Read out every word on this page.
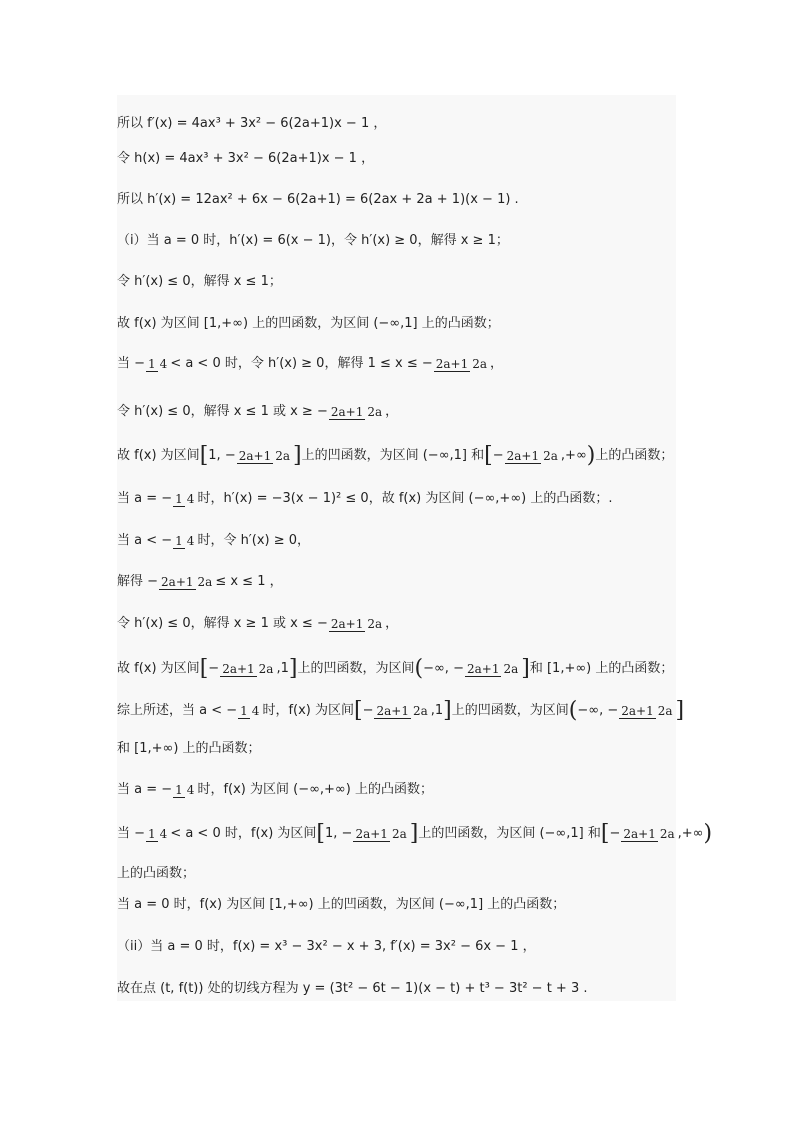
所以 f′(x) = 4ax³ + 3x² − 6(2a+1)x − 1 ，
令 h(x) = 4ax³ + 3x² − 6(2a+1)x − 1 ，
所以 h′(x) = 12ax² + 6x − 6(2a+1) = 6(2ax + 2a + 1)(x − 1) .
（i）当 a = 0 时，h′(x) = 6(x − 1)，令 h′(x) ≥ 0，解得 x ≥ 1；
令 h′(x) ≤ 0，解得 x ≤ 1；
故 f(x) 为区间 [1,+∞) 上的凹函数，为区间 (−∞,1] 上的凸函数；
当 − 1 4 < a < 0 时，令 h′(x) ≥ 0，解得 1 ≤ x ≤ − 2a+1 2a ，
令 h′(x) ≤ 0，解得 x ≤ 1 或 x ≥ − 2a+1 2a ，
故 f(x) 为区间 [ 1, − 2a+1 2a ] 上的凹函数，为区间 (−∞,1] 和 [ − 2a+1 2a ,+∞ ) 上的凸函数；
当 a = − 1 4 时，h′(x) = −3(x − 1)² ≤ 0，故 f(x) 为区间 (−∞,+∞) 上的凸函数；.
当 a < − 1 4 时，令 h′(x) ≥ 0，
解得 − 2a+1 2a ≤ x ≤ 1 ，
令 h′(x) ≤ 0，解得 x ≥ 1 或 x ≤ − 2a+1 2a ，
故 f(x) 为区间 [ − 2a+1 2a ,1 ] 上的凹函数，为区间 ( −∞, − 2a+1 2a ] 和 [1,+∞) 上的凸函数；
综上所述，当 a < − 1 4 时，f(x) 为区间 [ − 2a+1 2a ,1 ] 上的凹函数，为区间 ( −∞, − 2a+1 2a ]
和 [1,+∞) 上的凸函数；
当 a = − 1 4 时，f(x) 为区间 (−∞,+∞) 上的凸函数；
当 − 1 4 < a < 0 时，f(x) 为区间 [ 1, − 2a+1 2a ] 上的凹函数，为区间 (−∞,1] 和 [ − 2a+1 2a ,+∞ )
上的凸函数；
当 a = 0 时，f(x) 为区间 [1,+∞) 上的凹函数，为区间 (−∞,1] 上的凸函数；
（ii）当 a = 0 时，f(x) = x³ − 3x² − x + 3, f′(x) = 3x² − 6x − 1 ，
故在点 (t, f(t)) 处的切线方程为 y = (3t² − 6t − 1)(x − t) + t³ − 3t² − t + 3 .
